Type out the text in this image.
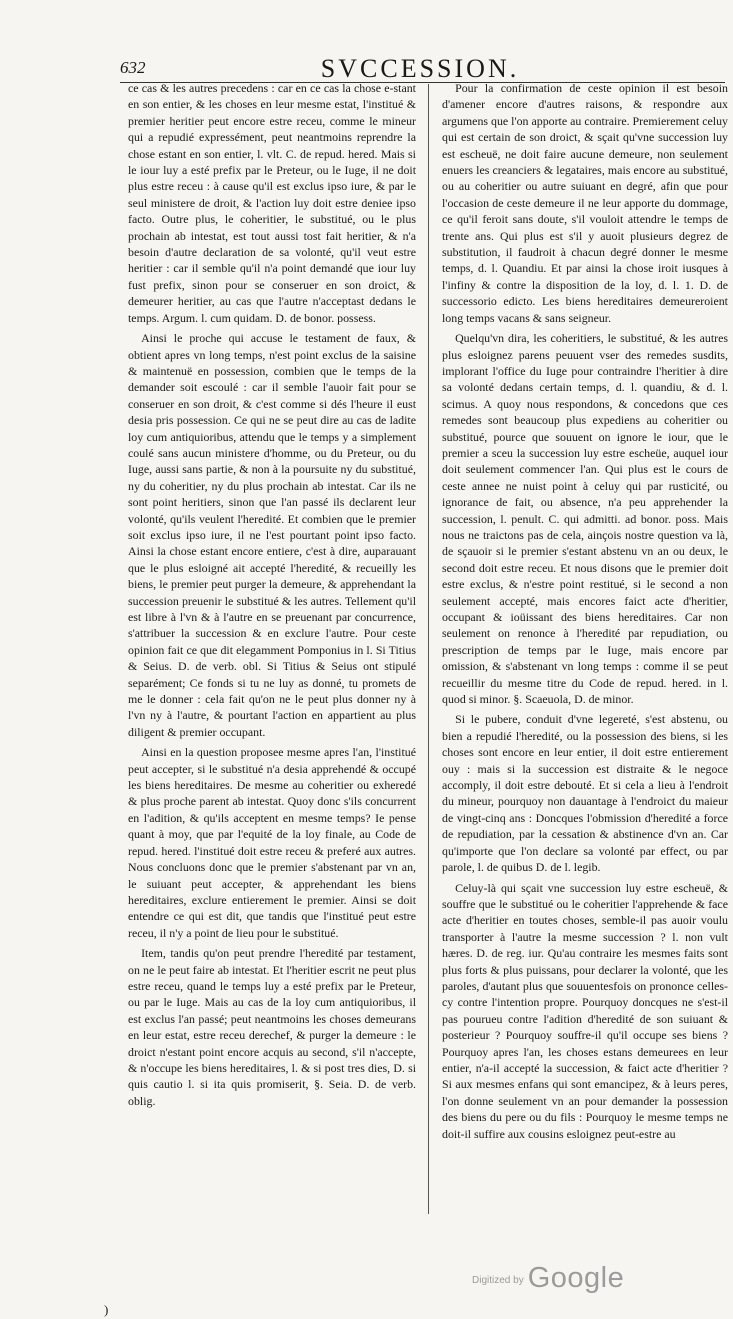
632	SVCCESSION.

ce cas & les autres precedens : car en ce cas la chose e-stant en son entier, & les choses en leur mesme estat, l'institué & premier heritier peut encore estre receu, comme le mineur qui a repudié expressément, peut neantmoins reprendre la chose estant en son entier, l. vlt. C. de repud. hered. Mais si le iour luy a esté prefix par le Preteur, ou le Iuge, il ne doit plus estre receu : à cause qu'il est exclus ipso iure, & par le seul ministere de droit, & l'action luy doit estre deniee ipso facto. Outre plus, le coheritier, le substitué, ou le plus prochain ab intestat, est tout aussi tost fait heritier, & n'a besoin d'autre declaration de sa volonté, qu'il veut estre heritier : car il semble qu'il n'a point demandé que iour luy fust prefix, sinon pour se conseruer en son droict, & demeurer heritier, au cas que l'autre n'acceptast dedans le temps. Argum. l. cum quidam. D. de bonor. possess.

Ainsi le proche qui accuse le testament de faux, & obtient apres vn long temps, n'est point exclus de la saisine & maintenuë en possession, combien que le temps de la demander soit escoulé : car il semble l'auoir fait pour se conseruer en son droit, & c'est comme si dés l'heure il eust desia pris possession. Ce qui ne se peut dire au cas de ladite loy cum antiquioribus, attendu que le temps y a simplement coulé sans aucun ministere d'homme, ou du Preteur, ou du Iuge, aussi sans partie, & non à la poursuite ny du substitué, ny du coheritier, ny du plus prochain ab intestat. Car ils ne sont point heritiers, sinon que l'an passé ils declarent leur volonté, qu'ils veulent l'heredité. Et combien que le premier soit exclus ipso iure, il ne l'est pourtant point ipso facto. Ainsi la chose estant encore entiere, c'est à dire, auparauant que le plus esloigné ait accepté l'heredité, & recueilly les biens, le premier peut purger la demeure, & apprehendant la succession preuenir le substitué & les autres. Tellement qu'il est libre à l'vn & à l'autre en se preuenant par concurrence, s'attribuer la succession & en exclure l'autre. Pour ceste opinion fait ce que dit elegamment Pomponius in l. Si Titius & Seius. D. de verb. obl. Si Titius & Seius ont stipulé separément; Ce fonds si tu ne luy as donné, tu promets de me le donner : cela fait qu'on ne le peut plus donner ny à l'vn ny à l'autre, & pourtant l'action en appartient au plus diligent & premier occupant.

Ainsi en la question proposee mesme apres l'an, l'institué peut accepter, si le substitué n'a desia apprehendé & occupé les biens hereditaires. De mesme au coheritier ou exheredé & plus proche parent ab intestat. Quoy donc s'ils concurrent en l'adition, & qu'ils acceptent en mesme temps? Ie pense quant à moy, que par l'equité de la loy finale, au Code de repud. hered. l'institué doit estre receu & preferé aux autres. Nous concluons donc que le premier s'abstenant par vn an, le suiuant peut accepter, & apprehendant les biens hereditaires, exclure entierement le premier. Ainsi se doit entendre ce qui est dit, que tandis que l'institué peut estre receu, il n'y a point de lieu pour le substitué.

Item, tandis qu'on peut prendre l'heredité par testament, on ne le peut faire ab intestat. Et l'heritier escrit ne peut plus estre receu, quand le temps luy a esté prefix par le Preteur, ou par le Iuge. Mais au cas de la loy cum antiquioribus, il est exclus l'an passé; peut neantmoins les choses demeurans en leur estat, estre receu derechef, & purger la demeure : le droict n'estant point encore acquis au second, s'il n'accepte, & n'occupe les biens hereditaires, l. & si post tres dies, D. si quis cautio l. si ita quis promiserit, §. Seia. D. de verb. oblig.

Pour la confirmation de ceste opinion il est besoin d'amener encore d'autres raisons, & respondre aux argumens que l'on apporte au contraire. Premierement celuy qui est certain de son droict, & sçait qu'vne succession luy est escheuë, ne doit faire aucune demeure, non seulement enuers les creanciers & legataires, mais encore au substitué, ou au coheritier ou autre suiuant en degré, afin que pour l'occasion de ceste demeure il ne leur apporte du dommage, ce qu'il feroit sans doute, s'il vouloit attendre le temps de trente ans. Qui plus est s'il y auoit plusieurs degrez de substitution, il faudroit à chacun degré donner le mesme temps, d. l. Quandiu. Et par ainsi la chose iroit iusques à l'infiny & contre la disposition de la loy, d. l. 1. D. de successorio edicto. Les biens hereditaires demeureroient long temps vacans & sans seigneur.

Quelqu'vn dira, les coheritiers, le substitué, & les autres plus esloignez parens peuuent vser des remedes susdits, implorant l'office du Iuge pour contraindre l'heritier à dire sa volonté dedans certain temps, d. l. quandiu, & d. l. scimus. A quoy nous respondons, & concedons que ces remedes sont beaucoup plus expediens au coheritier ou substitué, pource que souuent on ignore le iour, que le premier a sceu la succession luy estre escheüe, auquel iour doit seulement commencer l'an. Qui plus est le cours de ceste annee ne nuist point à celuy qui par rusticité, ou ignorance de fait, ou absence, n'a peu apprehender la succession, l. penult. C. qui admitti. ad bonor. poss. Mais nous ne traictons pas de cela, ainçois nostre question va là, de sçauoir si le premier s'estant abstenu vn an ou deux, le second doit estre receu. Et nous disons que le premier doit estre exclus, & n'estre point restitué, si le second a non seulement accepté, mais encores faict acte d'heritier, occupant & ioüissant des biens hereditaires. Car non seulement on renonce à l'heredité par repudiation, ou prescription de temps par le Iuge, mais encore par omission, & s'abstenant vn long temps : comme il se peut recueillir du mesme titre du Code de repud. hered. in l. quod si minor. §. Scaeuola, D. de minor.

Si le pubere, conduit d'vne legereté, s'est abstenu, ou bien a repudié l'heredité, ou la possession des biens, si les choses sont encore en leur entier, il doit estre entierement ouy : mais si la succession est distraite & le negoce accomply, il doit estre debouté. Et si cela a lieu à l'endroit du mineur, pourquoy non dauantage à l'endroict du maieur de vingt-cinq ans : Doncques l'obmission d'heredité a force de repudiation, par la cessation & abstinence d'vn an. Car qu'importe que l'on declare sa volonté par effect, ou par parole, l. de quibus D. de l. legib.

Celuy-là qui sçait vne succession luy estre escheuë, & souffre que le substitué ou le coheritier l'apprehende & face acte d'heritier en toutes choses, semble-il pas auoir voulu transporter à l'autre la mesme succession ? l. non vult hæres. D. de reg. iur. Qu'au contraire les mesmes faits sont plus forts & plus puissans, pour declarer la volonté, que les paroles, d'autant plus que souuentesfois on prononce celles-cy contre l'intention propre. Pourquoy doncques ne s'est-il pas pourueu contre l'adition d'heredité de son suiuant & posterieur ? Pourquoy souffre-il qu'il occupe ses biens ? Pourquoy apres l'an, les choses estans demeurees en leur entier, n'a-il accepté la succession, & faict acte d'heritier ? Si aux mesmes enfans qui sont emancipez, & à leurs peres, l'on donne seulement vn an pour demander la possession des biens du pere ou du fils : Pourquoy le mesme temps ne doit-il suffire aux cousins esloignez peut-estre au

)
$^{Digitized by}$ Google
